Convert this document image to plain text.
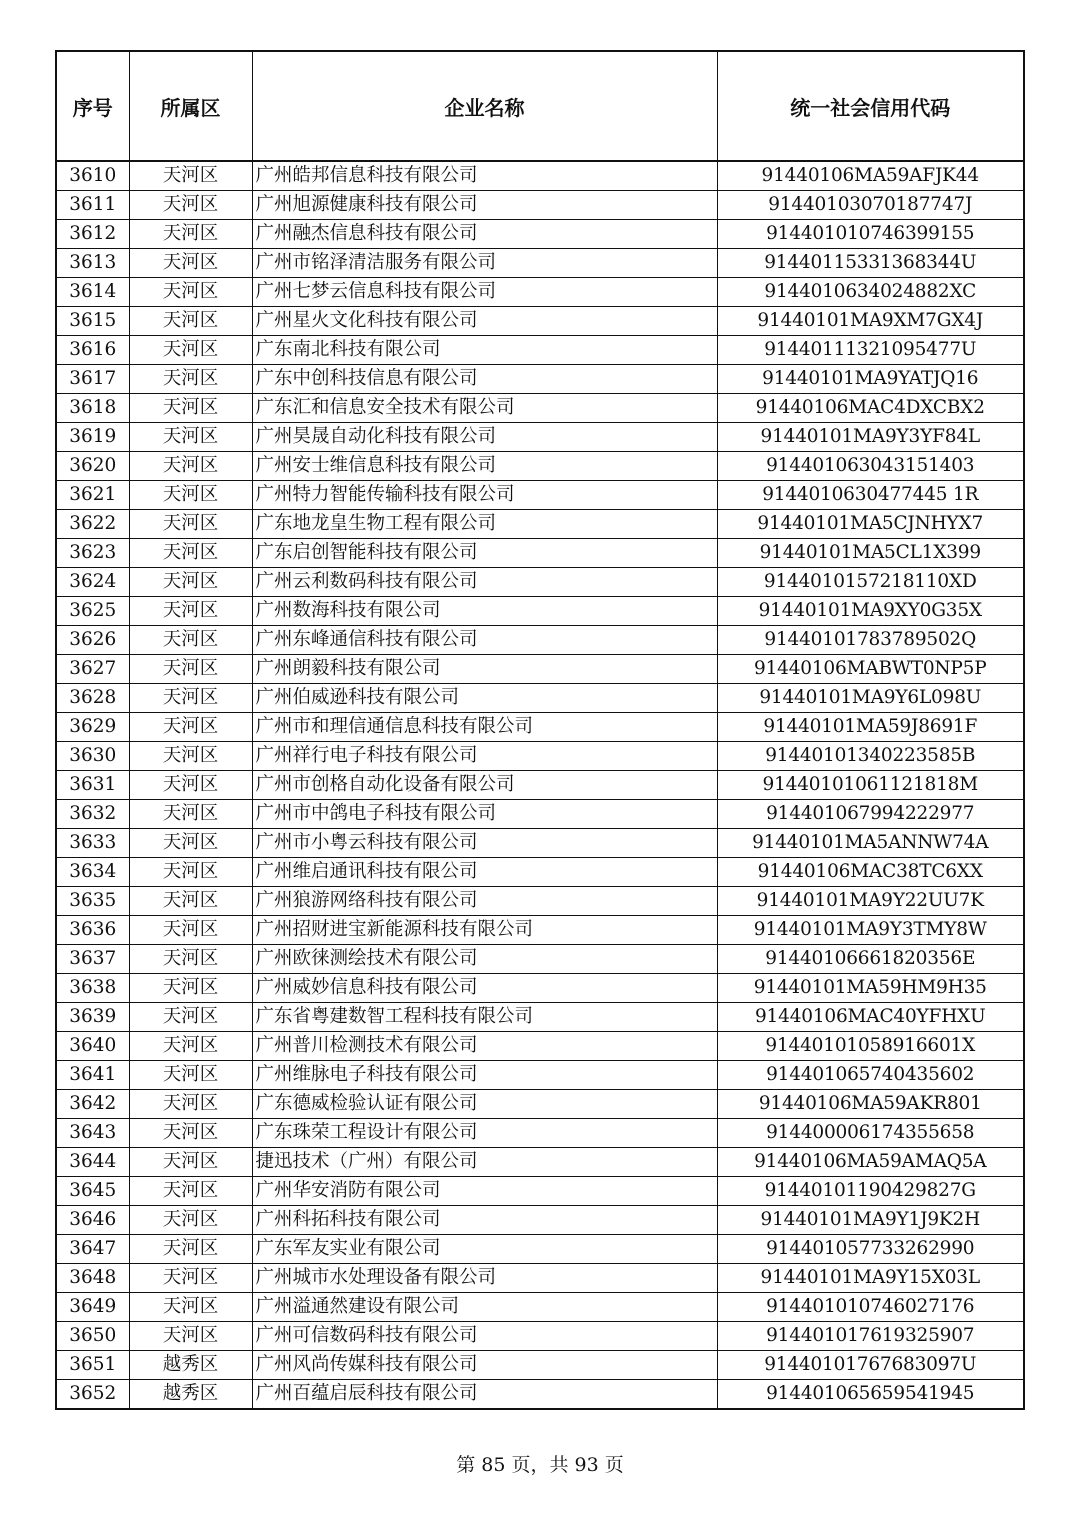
序号	所属区	企业名称	统一社会信用代码
3610	天河区	广州皓邦信息科技有限公司	91440106MA59AFJK44
3611	天河区	广州旭源健康科技有限公司	91440103070187747J
3612	天河区	广州融杰信息科技有限公司	914401010746399155
3613	天河区	广州市铭泽清洁服务有限公司	91440115331368344U
3614	天河区	广州七梦云信息科技有限公司	9144010634024882XC
3615	天河区	广州星火文化科技有限公司	91440101MA9XM7GX4J
3616	天河区	广东南北科技有限公司	91440111321095477U
3617	天河区	广东中创科技信息有限公司	91440101MA9YATJQ16
3618	天河区	广东汇和信息安全技术有限公司	91440106MAC4DXCBX2
3619	天河区	广州昊晟自动化科技有限公司	91440101MA9Y3YF84L
3620	天河区	广州安士维信息科技有限公司	914401063043151403
3621	天河区	广州特力智能传输科技有限公司	9144010630477445 1R
3622	天河区	广东地龙皇生物工程有限公司	91440101MA5CJNHYX7
3623	天河区	广东启创智能科技有限公司	91440101MA5CL1X399
3624	天河区	广州云利数码科技有限公司	9144010157218110XD
3625	天河区	广州数海科技有限公司	91440101MA9XY0G35X
3626	天河区	广州东峰通信科技有限公司	91440101783789502Q
3627	天河区	广州朗毅科技有限公司	91440106MABWT0NP5P
3628	天河区	广州伯威逊科技有限公司	91440101MA9Y6L098U
3629	天河区	广州市和理信通信息科技有限公司	91440101MA59J8691F
3630	天河区	广州祥行电子科技有限公司	91440101340223585B
3631	天河区	广州市创格自动化设备有限公司	91440101061121818M
3632	天河区	广州市中鸽电子科技有限公司	914401067994222977
3633	天河区	广州市小粤云科技有限公司	91440101MA5ANNW74A
3634	天河区	广州维启通讯科技有限公司	91440106MAC38TC6XX
3635	天河区	广州狼游网络科技有限公司	91440101MA9Y22UU7K
3636	天河区	广州招财进宝新能源科技有限公司	91440101MA9Y3TMY8W
3637	天河区	广州欧徕测绘技术有限公司	91440106661820356E
3638	天河区	广州威妙信息科技有限公司	91440101MA59HM9H35
3639	天河区	广东省粤建数智工程科技有限公司	91440106MAC40YFHXU
3640	天河区	广州普川检测技术有限公司	91440101058916601X
3641	天河区	广州维脉电子科技有限公司	914401065740435602
3642	天河区	广东德威检验认证有限公司	91440106MA59AKR801
3643	天河区	广东珠荣工程设计有限公司	914400006174355658
3644	天河区	捷迅技术（广州）有限公司	91440106MA59AMAQ5A
3645	天河区	广州华安消防有限公司	91440101190429827G
3646	天河区	广州科拓科技有限公司	91440101MA9Y1J9K2H
3647	天河区	广东军友实业有限公司	914401057733262990
3648	天河区	广州城市水处理设备有限公司	91440101MA9Y15X03L
3649	天河区	广州溢通然建设有限公司	914401010746027176
3650	天河区	广州可信数码科技有限公司	914401017619325907
3651	越秀区	广州风尚传媒科技有限公司	91440101767683097U
3652	越秀区	广州百蕴启辰科技有限公司	914401065659541945
第 85 页，共 93 页
